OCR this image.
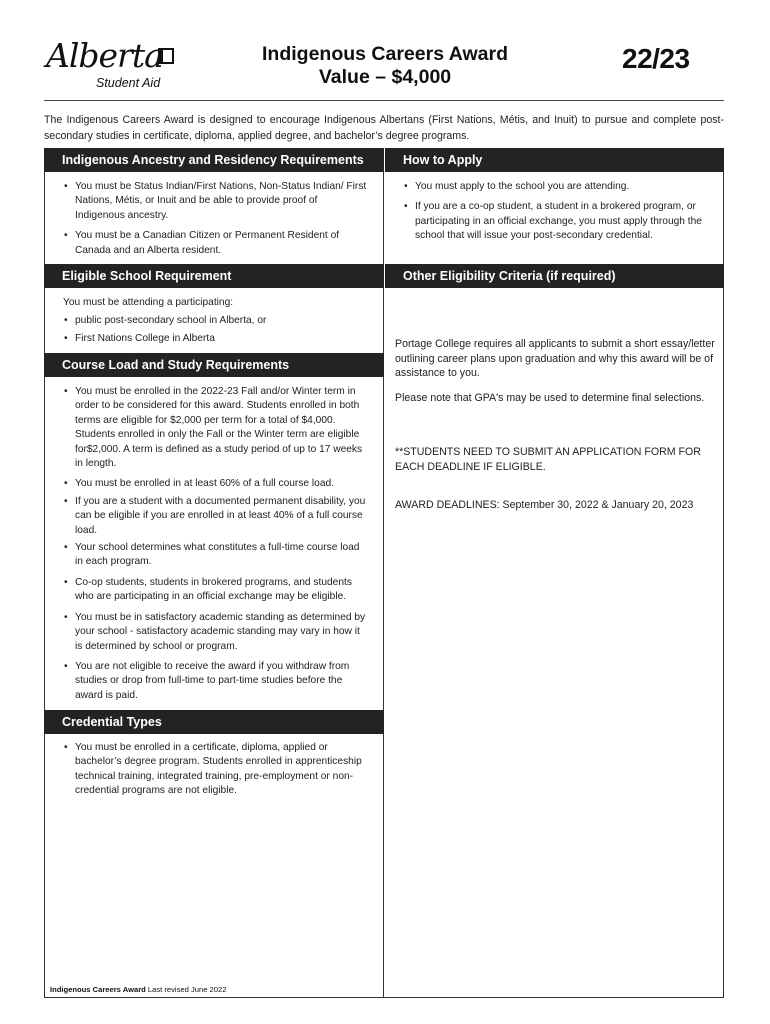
Alberta
Student Aid
Indigenous Careers Award
Value – $4,000
22/23
The Indigenous Careers Award is designed to encourage Indigenous Albertans (First Nations, Métis, and Inuit) to pursue and complete post-secondary studies in certificate, diploma, applied degree, and bachelor’s degree programs.
Indigenous Ancestry and Residency Requirements
• You must be Status Indian/First Nations, Non-Status Indian/ First Nations, Métis, or Inuit and be able to provide proof of Indigenous ancestry.
• You must be a Canadian Citizen or Permanent Resident of Canada and an Alberta resident.
How to Apply
• You must apply to the school you are attending.
• If you are a co-op student, a student in a brokered program, or participating in an official exchange, you must apply through the school that will issue your post-secondary credential.
Eligible School Requirement
You must be attending a participating:
• public post-secondary school in Alberta, or
• First Nations College in Alberta
Other Eligibility Criteria (if required)
Portage College requires all applicants to submit a short essay/letter outlining career plans upon graduation and why this award will be of assistance to you.
Please note that GPA's may be used to determine final selections.
**STUDENTS NEED TO SUBMIT AN APPLICATION FORM FOR EACH DEADLINE IF ELIGIBLE.
AWARD DEADLINES: September 30, 2022 & January 20, 2023
Course Load and Study Requirements
• You must be enrolled in the 2022-23 Fall and/or Winter term in order to be considered for this award. Students enrolled in both terms are eligible for $2,000 per term for a total of $4,000. Students enrolled in only the Fall or the Winter term are eligible for$2,000. A term is defined as a study period of up to 17 weeks in length.
• You must be enrolled in at least 60% of a full course load.
• If you are a student with a documented permanent disability, you can be eligible if you are enrolled in at least 40% of a full course load.
• Your school determines what constitutes a full-time course load in each program.
• Co-op students, students in brokered programs, and students who are participating in an official exchange may be eligible.
• You must be in satisfactory academic standing as determined by your school - satisfactory academic standing may vary in how it is determined by school or program.
• You are not eligible to receive the award if you withdraw from studies or drop from full-time to part-time studies before the award is paid.
Credential Types
• You must be enrolled in a certificate, diploma, applied or bachelor’s degree program. Students enrolled in apprenticeship technical training, integrated training, pre-employment or non-credential programs are not eligible.
Indigenous Careers Award Last revised June 2022
